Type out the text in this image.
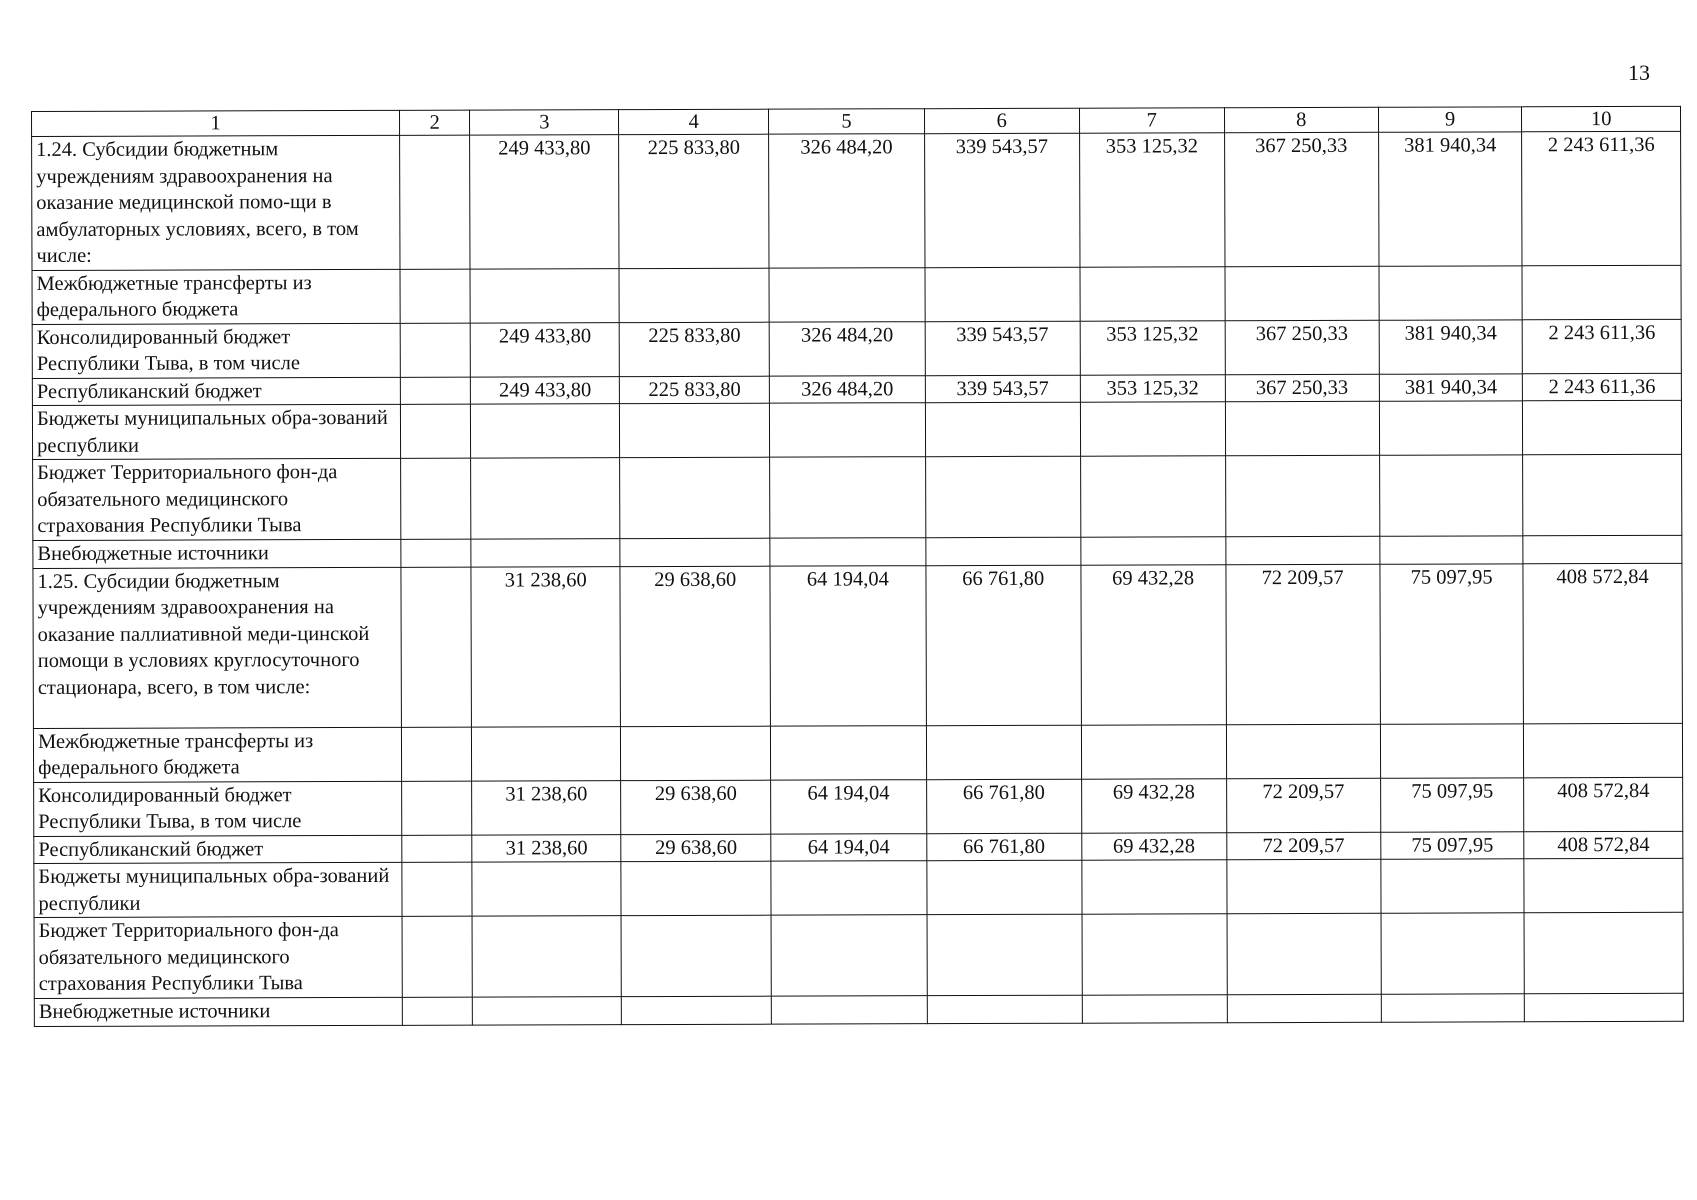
13
1	2	3	4	5	6	7	8	9	10
1.24. Субсидии бюджетным учреждениям здравоохранения на оказание медицинской помо-щи в амбулаторных условиях, всего, в том числе:		249 433,80	225 833,80	326 484,20	339 543,57	353 125,32	367 250,33	381 940,34	2 243 611,36
Межбюджетные трансферты из федерального бюджета									
Консолидированный бюджет Республики Тыва, в том числе		249 433,80	225 833,80	326 484,20	339 543,57	353 125,32	367 250,33	381 940,34	2 243 611,36
Республиканский бюджет		249 433,80	225 833,80	326 484,20	339 543,57	353 125,32	367 250,33	381 940,34	2 243 611,36
Бюджеты муниципальных обра-зований республики									
Бюджет Территориального фон-да обязательного медицинского страхования Республики Тыва									
Внебюджетные источники									
1.25. Субсидии бюджетным учреждениям здравоохранения на оказание паллиативной меди-цинской помощи в условиях круглосуточного стационара, всего, в том числе:		31 238,60	29 638,60	64 194,04	66 761,80	69 432,28	72 209,57	75 097,95	408 572,84
Межбюджетные трансферты из федерального бюджета									
Консолидированный бюджет Республики Тыва, в том числе		31 238,60	29 638,60	64 194,04	66 761,80	69 432,28	72 209,57	75 097,95	408 572,84
Республиканский бюджет		31 238,60	29 638,60	64 194,04	66 761,80	69 432,28	72 209,57	75 097,95	408 572,84
Бюджеты муниципальных обра-зований республики									
Бюджет Территориального фон-да обязательного медицинского страхования Республики Тыва									
Внебюджетные источники									
